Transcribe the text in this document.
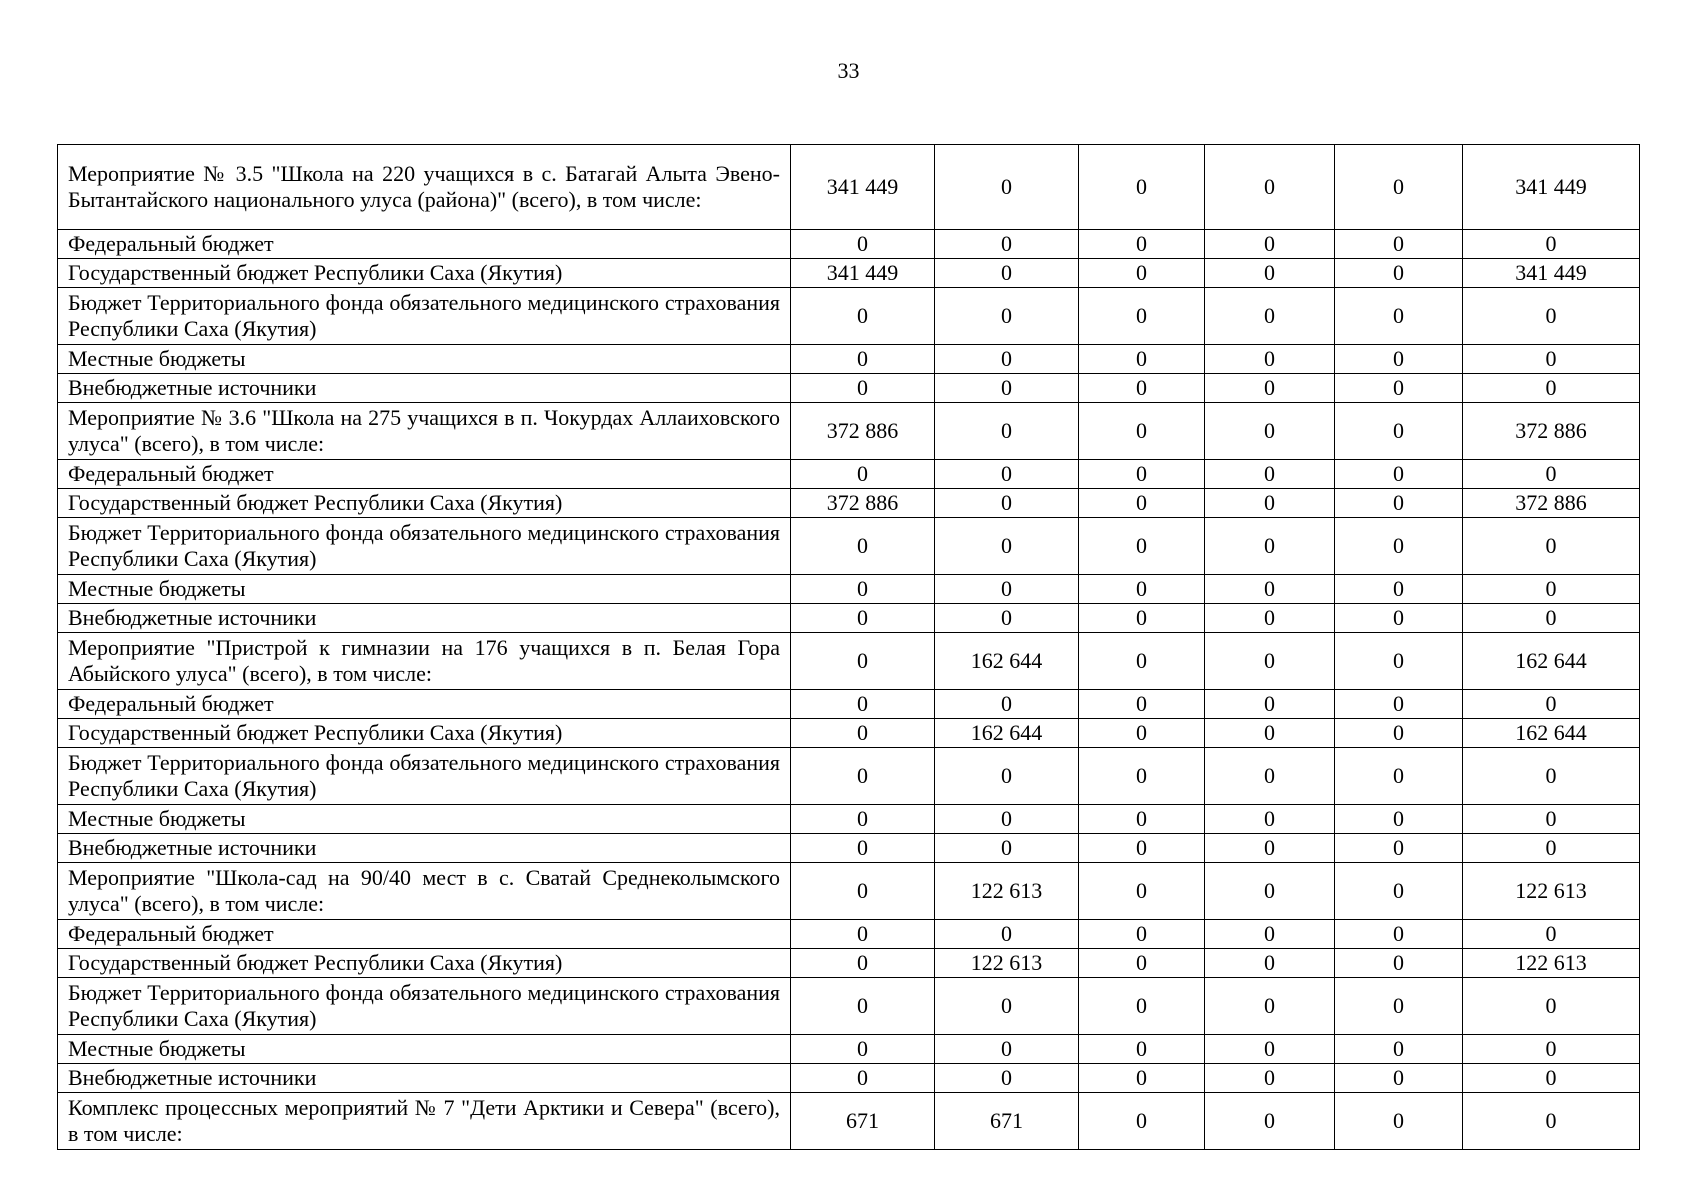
33
Мероприятие № 3.5 "Школа на 220 учащихся в с. Батагай Алыта Эвено-Бытантайского национального улуса (района)" (всего), в том числе:	341 449	0	0	0	0	341 449
Федеральный бюджет	0	0	0	0	0	0
Государственный бюджет Республики Саха (Якутия)	341 449	0	0	0	0	341 449
Бюджет Территориального фонда обязательного медицинского страхования Республики Саха (Якутия)	0	0	0	0	0	0
Местные бюджеты	0	0	0	0	0	0
Внебюджетные источники	0	0	0	0	0	0
Мероприятие № 3.6 "Школа на 275 учащихся в п. Чокурдах Аллаиховского улуса" (всего), в том числе:	372 886	0	0	0	0	372 886
Федеральный бюджет	0	0	0	0	0	0
Государственный бюджет Республики Саха (Якутия)	372 886	0	0	0	0	372 886
Бюджет Территориального фонда обязательного медицинского страхования Республики Саха (Якутия)	0	0	0	0	0	0
Местные бюджеты	0	0	0	0	0	0
Внебюджетные источники	0	0	0	0	0	0
Мероприятие "Пристрой к гимназии на 176 учащихся в п. Белая Гора Абыйского улуса" (всего), в том числе:	0	162 644	0	0	0	162 644
Федеральный бюджет	0	0	0	0	0	0
Государственный бюджет Республики Саха (Якутия)	0	162 644	0	0	0	162 644
Бюджет Территориального фонда обязательного медицинского страхования Республики Саха (Якутия)	0	0	0	0	0	0
Местные бюджеты	0	0	0	0	0	0
Внебюджетные источники	0	0	0	0	0	0
Мероприятие "Школа-сад на 90/40 мест в с. Сватай Среднеколымского улуса" (всего), в том числе:	0	122 613	0	0	0	122 613
Федеральный бюджет	0	0	0	0	0	0
Государственный бюджет Республики Саха (Якутия)	0	122 613	0	0	0	122 613
Бюджет Территориального фонда обязательного медицинского страхования Республики Саха (Якутия)	0	0	0	0	0	0
Местные бюджеты	0	0	0	0	0	0
Внебюджетные источники	0	0	0	0	0	0
Комплекс процессных мероприятий № 7 "Дети Арктики и Севера" (всего), в том числе:	671	671	0	0	0	0
